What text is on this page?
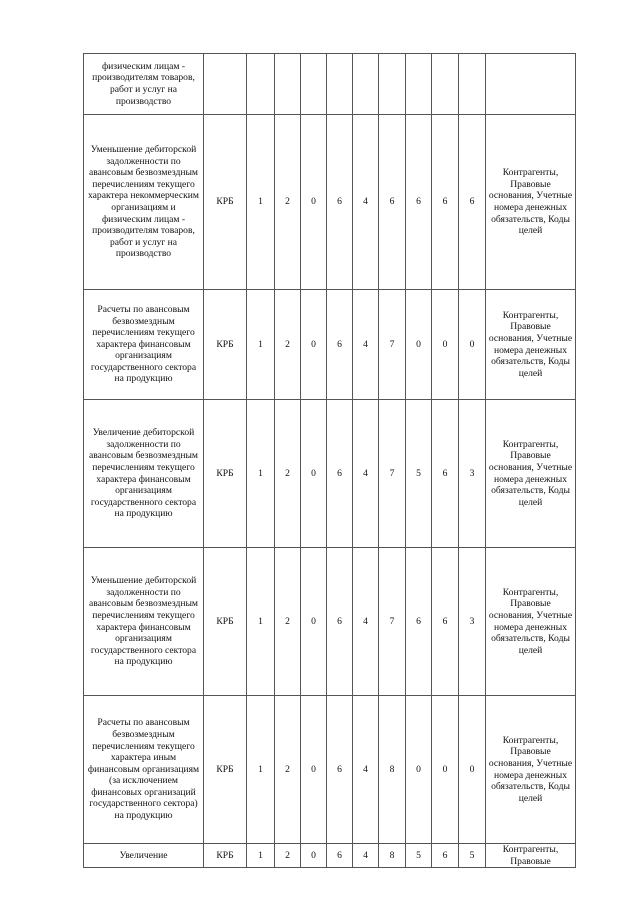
физическим лицам - производителям товаров, работ и услуг на производство											
Уменьшение дебиторской задолженности по авансовым безвозмездным перечислениям текущего характера некоммерческим организациям и физическим лицам - производителям товаров, работ и услуг на производство	КРБ	1	2	0	6	4	6	6	6	6	Контрагенты, Правовые основания, Учетные номера денежных обязательств, Коды целей
Расчеты по авансовым безвозмездным перечислениям текущего характера финансовым организациям государственного сектора на продукцию	КРБ	1	2	0	6	4	7	0	0	0	Контрагенты, Правовые основания, Учетные номера денежных обязательств, Коды целей
Увеличение дебиторской задолженности по авансовым безвозмездным перечислениям текущего характера финансовым организациям государственного сектора на продукцию	КРБ	1	2	0	6	4	7	5	6	3	Контрагенты, Правовые основания, Учетные номера денежных обязательств, Коды целей
Уменьшение дебиторской задолженности по авансовым безвозмездным перечислениям текущего характера финансовым организациям государственного сектора на продукцию	КРБ	1	2	0	6	4	7	6	6	3	Контрагенты, Правовые основания, Учетные номера денежных обязательств, Коды целей
Расчеты по авансовым безвозмездным перечислениям текущего характера иным финансовым организациям (за исключением финансовых организаций государственного сектора) на продукцию	КРБ	1	2	0	6	4	8	0	0	0	Контрагенты, Правовые основания, Учетные номера денежных обязательств, Коды целей
Увеличение	КРБ	1	2	0	6	4	8	5	6	5	Контрагенты, Правовые
